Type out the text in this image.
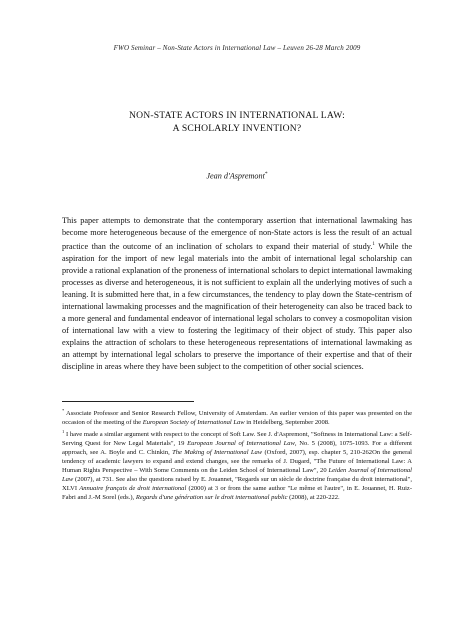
FWO Seminar – Non-State Actors in International Law – Leuven 26-28 March 2009
NON-STATE ACTORS IN INTERNATIONAL LAW:
A SCHOLARLY INVENTION?
Jean d'Aspremont*
This paper attempts to demonstrate that the contemporary assertion that international lawmaking has become more heterogeneous because of the emergence of non-State actors is less the result of an actual practice than the outcome of an inclination of scholars to expand their material of study.$^1$ While the aspiration for the import of new legal materials into the ambit of international legal scholarship can provide a rational explanation of the proneness of international scholars to depict international lawmaking processes as diverse and heterogeneous, it is not sufficient to explain all the underlying motives of such a leaning. It is submitted here that, in a few circumstances, the tendency to play down the State-centrism of international lawmaking processes and the magnification of their heterogeneity can also be traced back to a more general and fundamental endeavor of international legal scholars to convey a cosmopolitan vision of international law with a view to fostering the legitimacy of their object of study. This paper also explains the attraction of scholars to these heterogeneous representations of international lawmaking as an attempt by international legal scholars to preserve the importance of their expertise and that of their discipline in areas where they have been subject to the competition of other social sciences.

* Associate Professor and Senior Research Fellow, University of Amsterdam. An earlier version of this paper was presented on the occasion of the meeting of the European Society of International Law in Heidelberg, September 2008.

$^1$ I have made a similar argument with respect to the concept of Soft Law. See J. d'Aspremont, "Softness in International Law: a Self-Serving Quest for New Legal Materials", 19 European Journal of International Law, No. 5 (2008), 1075-1093. For a different approach, see A. Boyle and C. Chinkin, The Making of International Law (Oxford, 2007), esp. chapter 5, 210-262On the general tendency of academic lawyers to expand and extend changes, see the remarks of J. Dugard, "The Future of International Law: A Human Rights Perspective – With Some Comments on the Leiden School of International Law", 20 Leiden Journal of International Law (2007), at 731. See also the questions raised by E. Jouannet, "Regards sur un siècle de doctrine française du droit international", XLVI Annuaire français de droit international (2000) at 3 or from the same author "Le même et l'autre", in E. Jouannet, H. Ruiz-Fabri and J.-M Sorel (eds.), Regards d'une génération sur le droit international public (2008), at 220-222.
